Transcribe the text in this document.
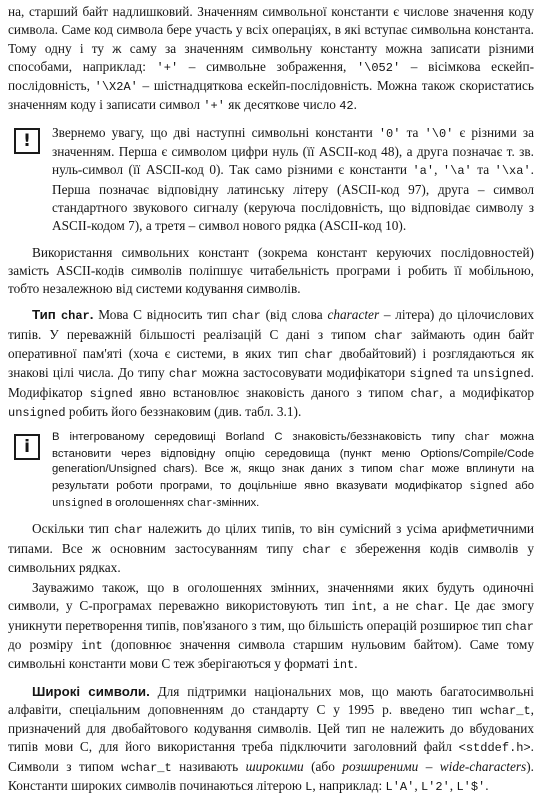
на, старший байт надлишковий. Значенням символьної константи є числове значення коду символа. Саме код символа бере участь у всіх операціях, в які вступає символьна константа. Тому одну і ту ж саму за значенням символьну константу можна записати різними способами, наприклад: '+' – символьне зображення, '\052' – вісімкова ескейп-послідовність, '\X2A' – шістнадцяткова ескейп-послідовність. Можна також скористатись значенням коду і записати символ '+' як десяткове число 42.

!	Звернемо увагу, що дві наступні символьні константи '0' та '\0' є різними за значенням. Перша є символом цифри нуль (її ASCII-код 48), а друга позначає т. зв. нуль-символ (її ASCII-код 0). Так само різними є константи 'a', '\a' та '\xa'. Перша позначає відповідну латинську літеру (ASCII-код 97), друга – символ стандартного звукового сигналу (керуюча послідовність, що відповідає символу з ASCII-кодом 7), а третя – символ нового рядка (ASCII-код 10).

Використання символьних констант (зокрема констант керуючих послідовностей) замість ASCII-кодів символів поліпшує читабельність програми і робить її мобільною, тобто незалежною від системи кодування символів.

Тип char. Мова С відносить тип char (від слова character – літера) до цілочислових типів. У переважній більшості реалізацій С дані з типом char займають один байт оперативної пам'яті (хоча є системи, в яких тип char двобайтовий) і розглядаються як знакові цілі числа. До типу char можна застосовувати модифікатори signed та unsigned. Модифікатор signed явно встановлює знаковість даного з типом char, а модифікатор unsigned робить його беззнаковим (див. табл. 3.1).

i	В інтегрованому середовищі Borland C знаковість/беззнаковість типу char можна встановити через відповідну опцію середовища (пункт меню Options/Compile/Code generation/Unsigned chars). Все ж, якщо знак даних з типом char може вплинути на результати роботи програми, то доцільніше явно вказувати модифікатор signed або unsigned в оголошеннях char-змінних.

Оскільки тип char належить до цілих типів, то він сумісний з усіма арифметичними типами. Все ж основним застосуванням типу char є збереження кодів символів у символьних рядках.

Зауважимо також, що в оголошеннях змінних, значеннями яких будуть одиночні символи, у С-програмах переважно використовують тип int, а не char. Це дає змогу уникнути перетворення типів, пов'язаного з тим, що більшість операцій розширює тип char до розміру int (доповнює значення символа старшим нульовим байтом). Саме тому символьні константи мови С теж зберігаються у форматі int.

Широкі символи. Для підтримки національних мов, що мають багатосимвольні алфавіти, спеціальним доповненням до стандарту С у 1995 р. введено тип wchar_t, призначений для двобайтового кодування символів. Цей тип не належить до вбудованих типів мови С, для його використання треба підключити заголовний файл <stddef.h>. Символи з типом wchar_t називають широкими (або розширеними – wide-characters). Константи широких символів починаються літерою L, наприклад: L'A', L'2', L'$'.
